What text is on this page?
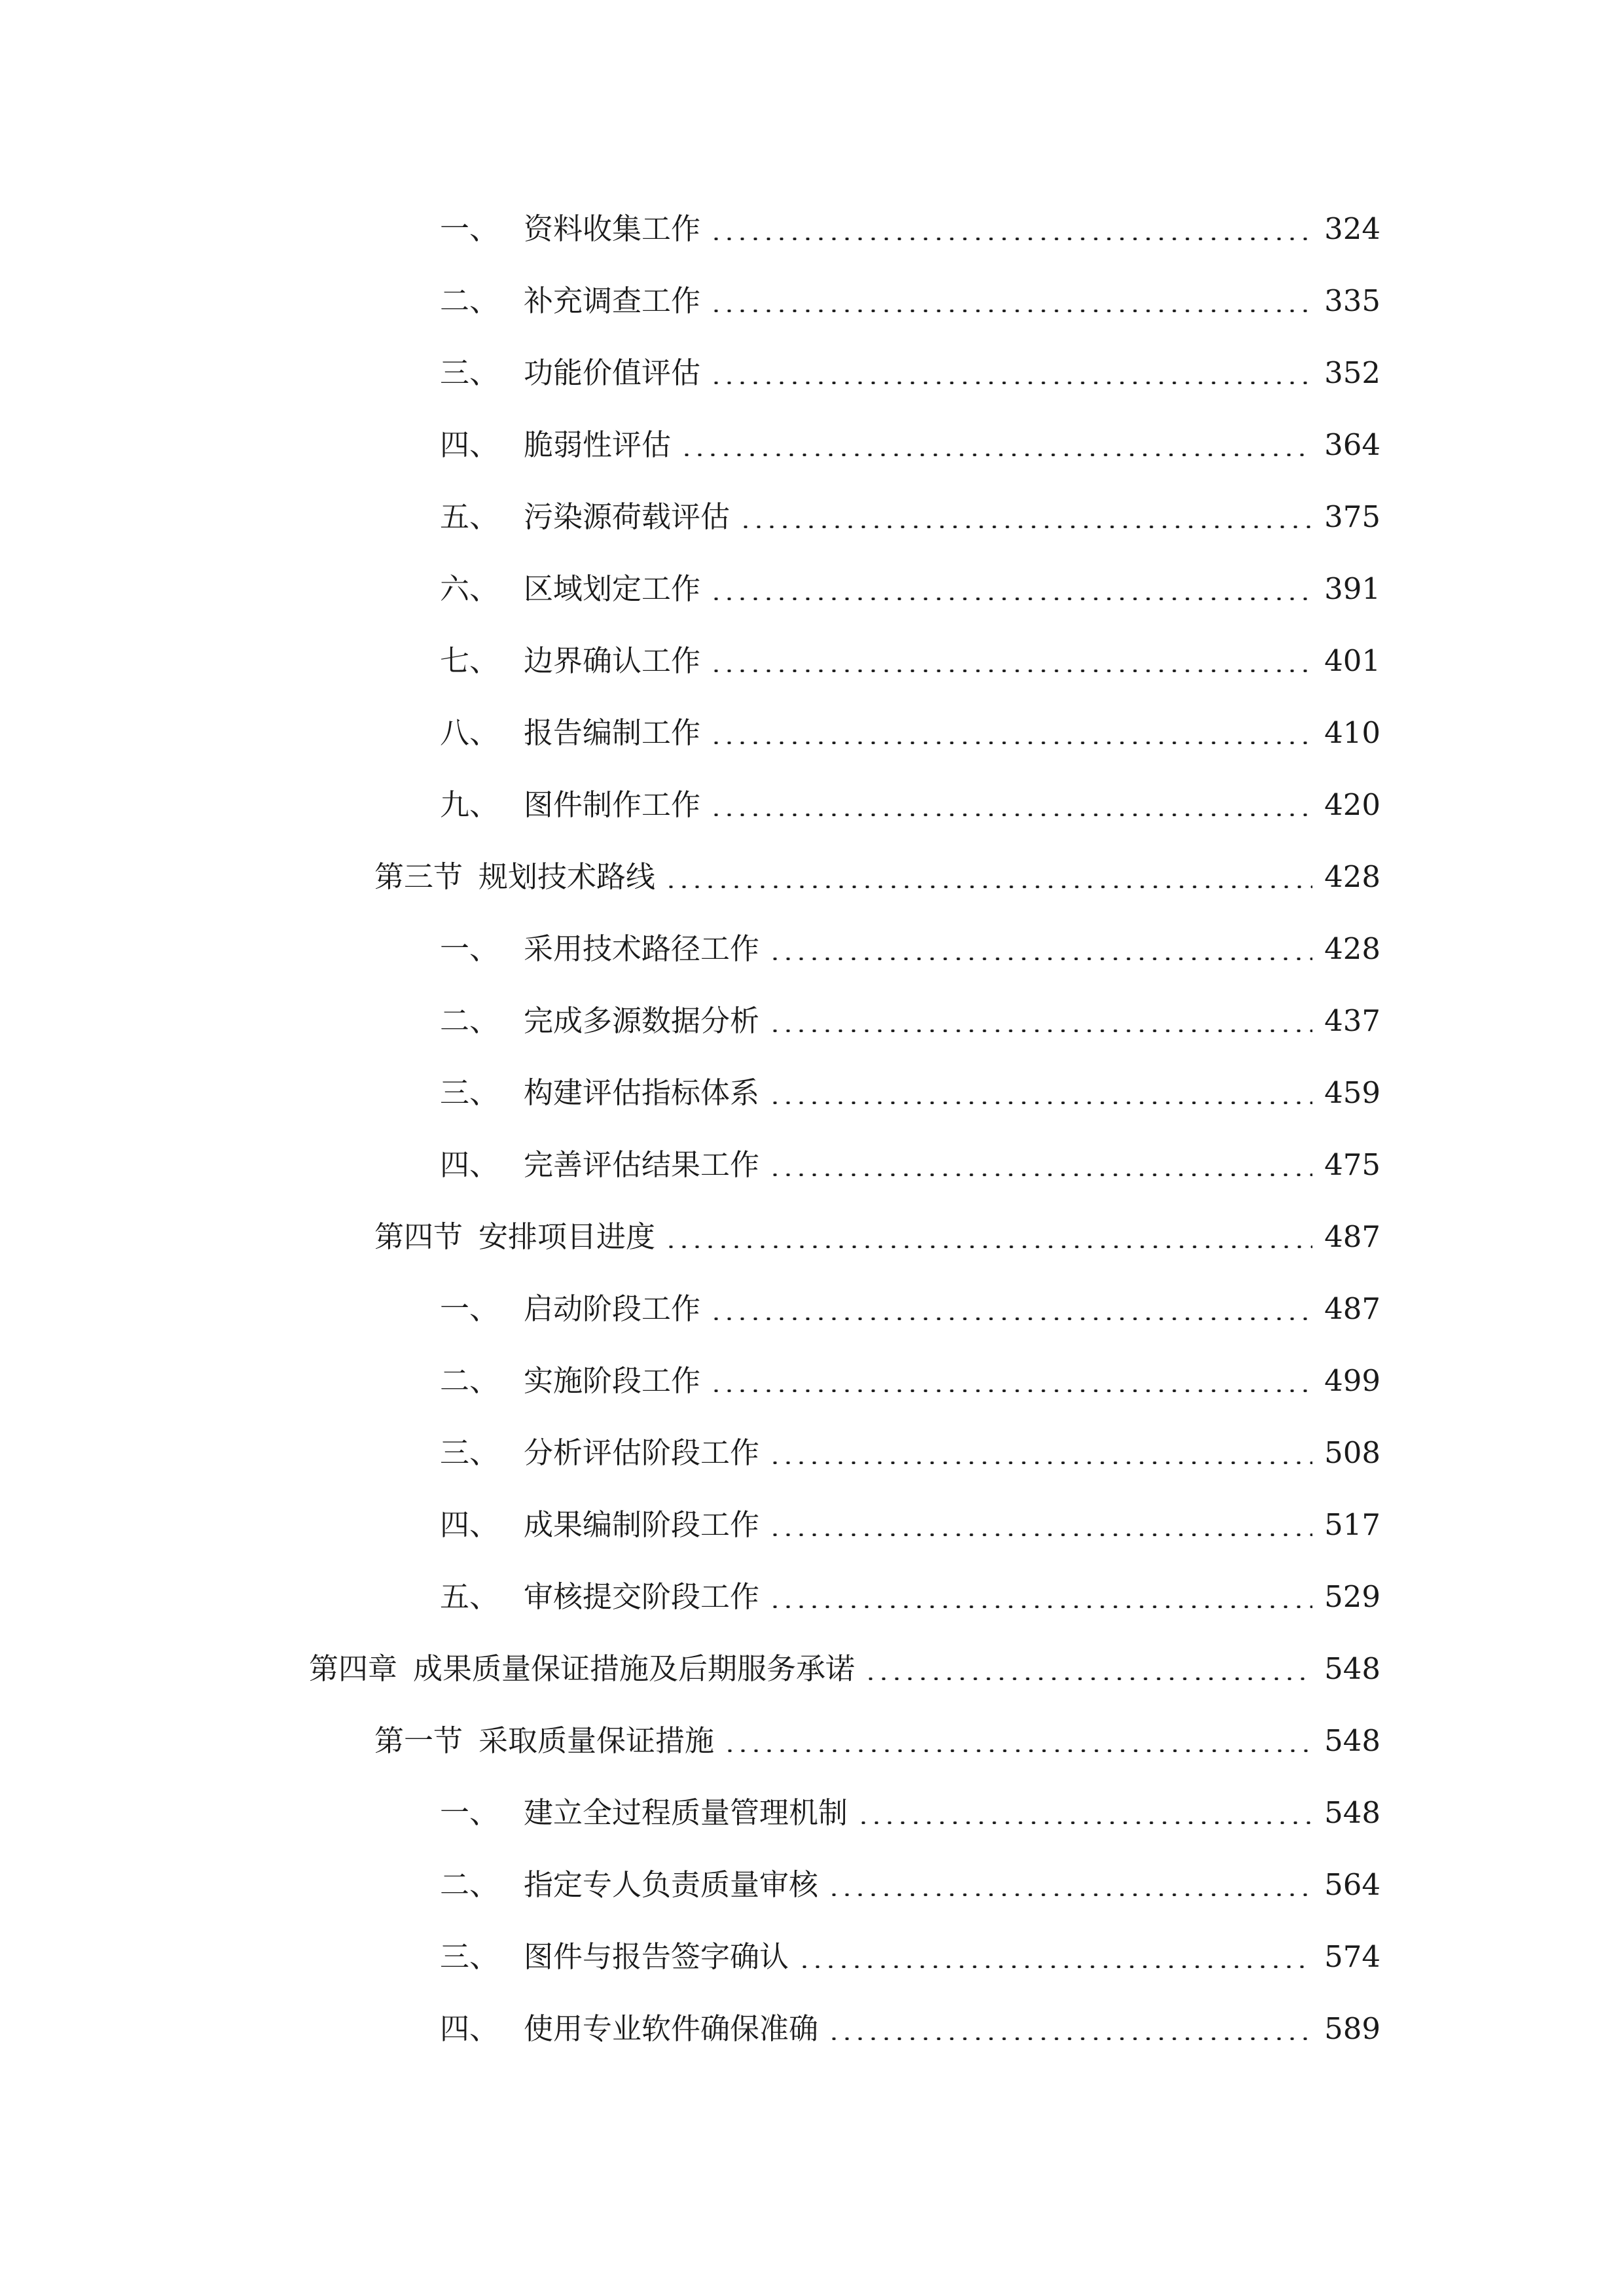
一、 资料收集工作	324
二、 补充调查工作	335
三、 功能价值评估	352
四、 脆弱性评估	364
五、 污染源荷载评估	375
六、 区域划定工作	391
七、 边界确认工作	401
八、 报告编制工作	410
九、 图件制作工作	420
第三节 规划技术路线	428
一、 采用技术路径工作	428
二、 完成多源数据分析	437
三、 构建评估指标体系	459
四、 完善评估结果工作	475
第四节 安排项目进度	487
一、 启动阶段工作	487
二、 实施阶段工作	499
三、 分析评估阶段工作	508
四、 成果编制阶段工作	517
五、 审核提交阶段工作	529
第四章 成果质量保证措施及后期服务承诺	548
第一节 采取质量保证措施	548
一、 建立全过程质量管理机制	548
二、 指定专人负责质量审核	564
三、 图件与报告签字确认	574
四、 使用专业软件确保准确	589
